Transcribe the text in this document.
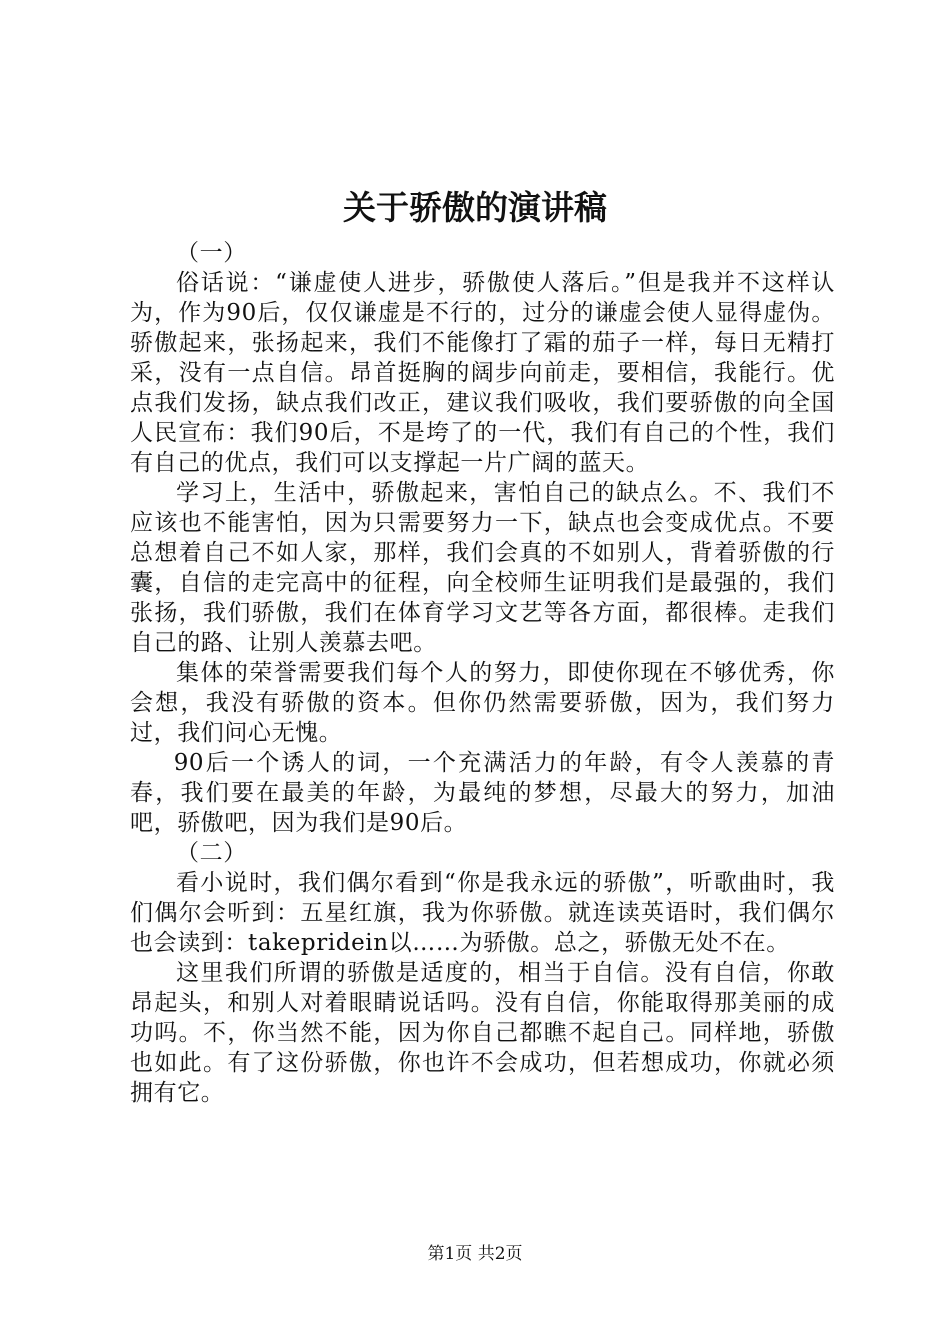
关于骄傲的演讲稿

（一）

俗话说：“谦虚使人进步，骄傲使人落后。”但是我并不这样认为，作为90后，仅仅谦虚是不行的，过分的谦虚会使人显得虚伪。骄傲起来，张扬起来，我们不能像打了霜的茄子一样，每日无精打采，没有一点自信。昂首挺胸的阔步向前走，要相信，我能行。优点我们发扬，缺点我们改正，建议我们吸收，我们要骄傲的向全国人民宣布：我们90后，不是垮了的一代，我们有自己的个性，我们有自己的优点，我们可以支撑起一片广阔的蓝天。

学习上，生活中，骄傲起来，害怕自己的缺点么。不、我们不应该也不能害怕，因为只需要努力一下，缺点也会变成优点。不要总想着自己不如人家，那样，我们会真的不如别人，背着骄傲的行囊，自信的走完高中的征程，向全校师生证明我们是最强的，我们张扬，我们骄傲，我们在体育学习文艺等各方面，都很棒。走我们自己的路、让别人羡慕去吧。

集体的荣誉需要我们每个人的努力，即使你现在不够优秀，你会想，我没有骄傲的资本。但你仍然需要骄傲，因为，我们努力过，我们问心无愧。

90后一个诱人的词，一个充满活力的年龄，有令人羡慕的青春，我们要在最美的年龄，为最纯的梦想，尽最大的努力，加油吧，骄傲吧，因为我们是90后。

（二）

看小说时，我们偶尔看到“你是我永远的骄傲”，听歌曲时，我们偶尔会听到：五星红旗，我为你骄傲。就连读英语时，我们偶尔也会读到：takepridein以……为骄傲。总之，骄傲无处不在。

这里我们所谓的骄傲是适度的，相当于自信。没有自信，你敢昂起头，和别人对着眼睛说话吗。没有自信，你能取得那美丽的成功吗。不，你当然不能，因为你自己都瞧不起自己。同样地，骄傲也如此。有了这份骄傲，你也许不会成功，但若想成功，你就必须拥有它。

第1页 共2页
